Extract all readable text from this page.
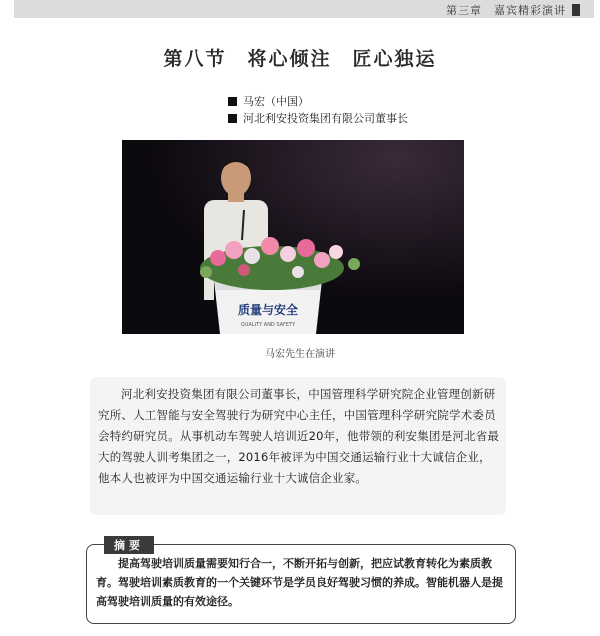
第三章　嘉宾精彩演讲
第八节　将心倾注　匠心独运
马宏（中国）
河北利安投资集团有限公司董事长
质量与安全
QUALITY AND SAFETY
马宏先生在演讲
河北利安投资集团有限公司董事长，中国管理科学研究院企业管理创新研究所、人工智能与安全驾驶行为研究中心主任，中国管理科学研究院学术委员会特约研究员。从事机动车驾驶人培训近20年，他带领的利安集团是河北省最大的驾驶人训考集团之一，2016年被评为中国交通运输行业十大诚信企业，他本人也被评为中国交通运输行业十大诚信企业家。
摘要
提高驾驶培训质量需要知行合一，不断开拓与创新，把应试教育转化为素质教育。驾驶培训素质教育的一个关键环节是学员良好驾驶习惯的养成。智能机器人是提高驾驶培训质量的有效途径。
